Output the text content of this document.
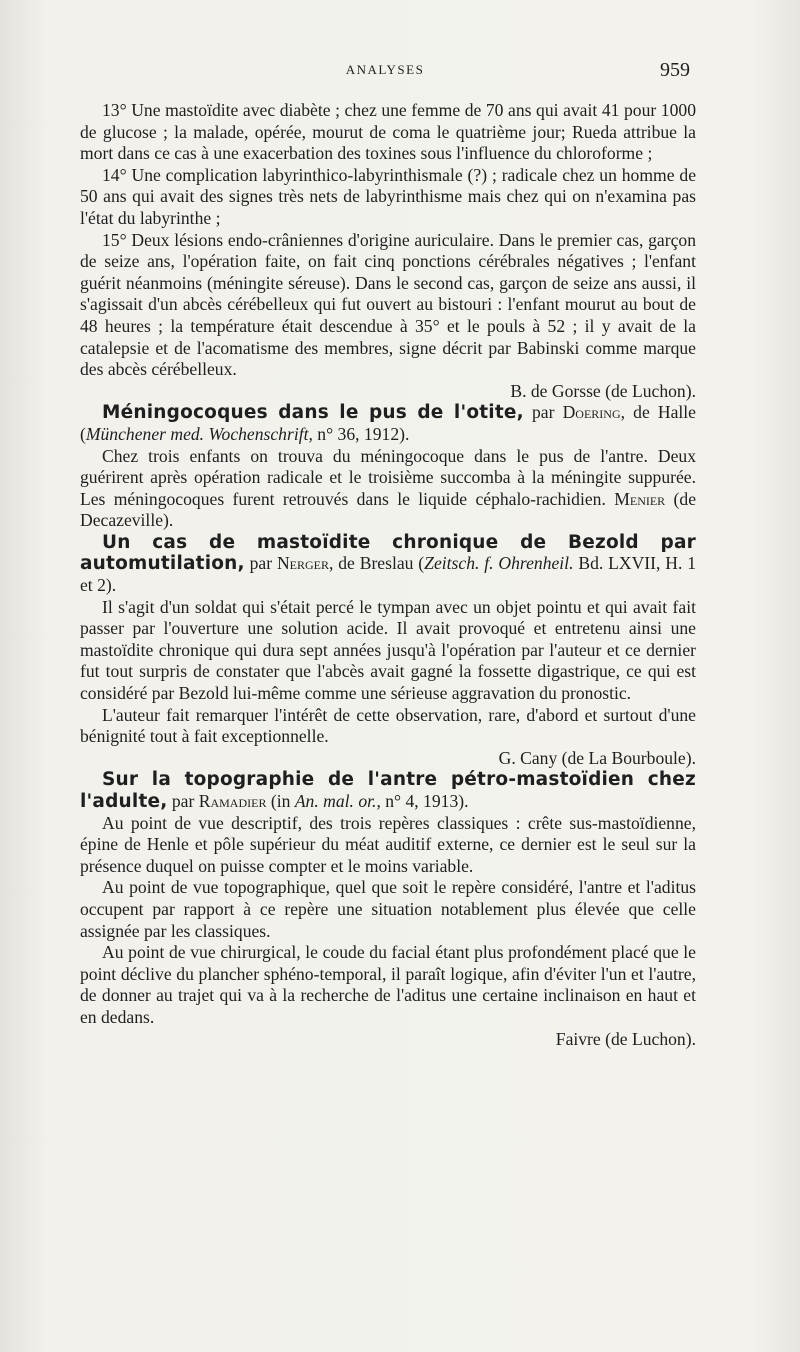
ANALYSES	959

13° Une mastoïdite avec diabète ; chez une femme de 70 ans qui avait 41 pour 1000 de glucose ; la malade, opérée, mourut de coma le quatrième jour; Rueda attribue la mort dans ce cas à une exacerbation des toxines sous l'influence du chloroforme ;

14° Une complication labyrinthico-labyrinthismale (?) ; radicale chez un homme de 50 ans qui avait des signes très nets de labyrinthisme mais chez qui on n'examina pas l'état du labyrinthe ;

15° Deux lésions endo-crâniennes d'origine auriculaire. Dans le premier cas, garçon de seize ans, l'opération faite, on fait cinq ponctions cérébrales négatives ; l'enfant guérit néanmoins (méningite séreuse). Dans le second cas, garçon de seize ans aussi, il s'agissait d'un abcès cérébelleux qui fut ouvert au bistouri : l'enfant mourut au bout de 48 heures ; la température était descendue à 35° et le pouls à 52 ; il y avait de la catalepsie et de l'acomatisme des membres, signe décrit par Babinski comme marque des abcès cérébelleux.

B. de Gorsse (de Luchon).

Méningocoques dans le pus de l'otite, par Doering, de Halle (Münchener med. Wochenschrift, n° 36, 1912).

Chez trois enfants on trouva du méningocoque dans le pus de l'antre. Deux guérirent après opération radicale et le troisième succomba à la méningite suppurée. Les méningocoques furent retrouvés dans le liquide céphalo-rachidien. Menier (de Decazeville).

Un cas de mastoïdite chronique de Bezold par automutilation, par Nerger, de Breslau (Zeitsch. f. Ohrenheil. Bd. LXVII, H. 1 et 2).

Il s'agit d'un soldat qui s'était percé le tympan avec un objet pointu et qui avait fait passer par l'ouverture une solution acide. Il avait provoqué et entretenu ainsi une mastoïdite chronique qui dura sept années jusqu'à l'opération par l'auteur et ce dernier fut tout surpris de constater que l'abcès avait gagné la fossette digastrique, ce qui est considéré par Bezold lui-même comme une sérieuse aggravation du pronostic.

L'auteur fait remarquer l'intérêt de cette observation, rare, d'abord et surtout d'une bénignité tout à fait exceptionnelle.

G. Cany (de La Bourboule).

Sur la topographie de l'antre pétro-mastoïdien chez l'adulte, par Ramadier (in An. mal. or., n° 4, 1913).

Au point de vue descriptif, des trois repères classiques : crête sus-mastoïdienne, épine de Henle et pôle supérieur du méat auditif externe, ce dernier est le seul sur la présence duquel on puisse compter et le moins variable.

Au point de vue topographique, quel que soit le repère considéré, l'antre et l'aditus occupent par rapport à ce repère une situation notablement plus élevée que celle assignée par les classiques.

Au point de vue chirurgical, le coude du facial étant plus profondément placé que le point déclive du plancher sphéno-temporal, il paraît logique, afin d'éviter l'un et l'autre, de donner au trajet qui va à la recherche de l'aditus une certaine inclinaison en haut et en dedans.

Faivre (de Luchon).
